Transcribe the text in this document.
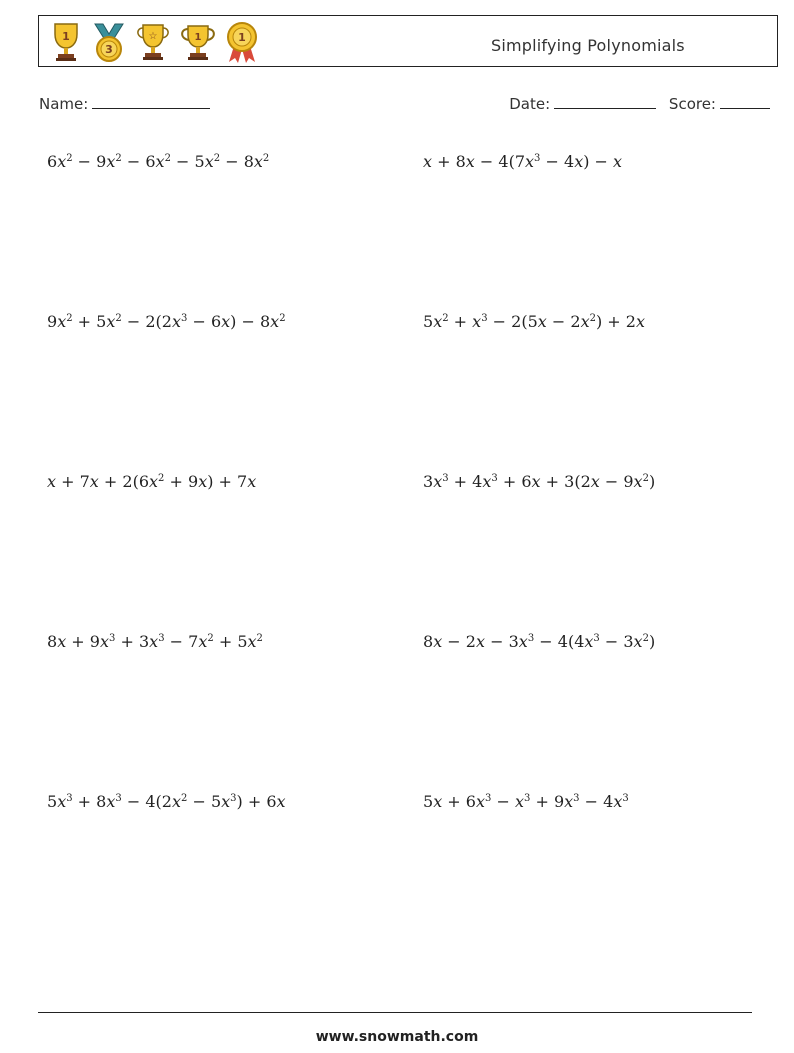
1
3
☆	1	1	Simplifying Polynomials
Name:	Date:	Score:
$6x^2 - 9x^2 - 6x^2 - 5x^2 - 8x^2$	$x + 8x - 4(7x^3 - 4x) - x$
$9x^2 + 5x^2 - 2(2x^3 - 6x) - 8x^2$	$5x^2 + x^3 - 2(5x - 2x^2) + 2x$
$x + 7x + 2(6x^2 + 9x) + 7x$	$3x^3 + 4x^3 + 6x + 3(2x - 9x^2)$
$8x + 9x^3 + 3x^3 - 7x^2 + 5x^2$	$8x - 2x - 3x^3 - 4(4x^3 - 3x^2)$
$5x^3 + 8x^3 - 4(2x^2 - 5x^3) + 6x$	$5x + 6x^3 - x^3 + 9x^3 - 4x^3$
www.snowmath.com
